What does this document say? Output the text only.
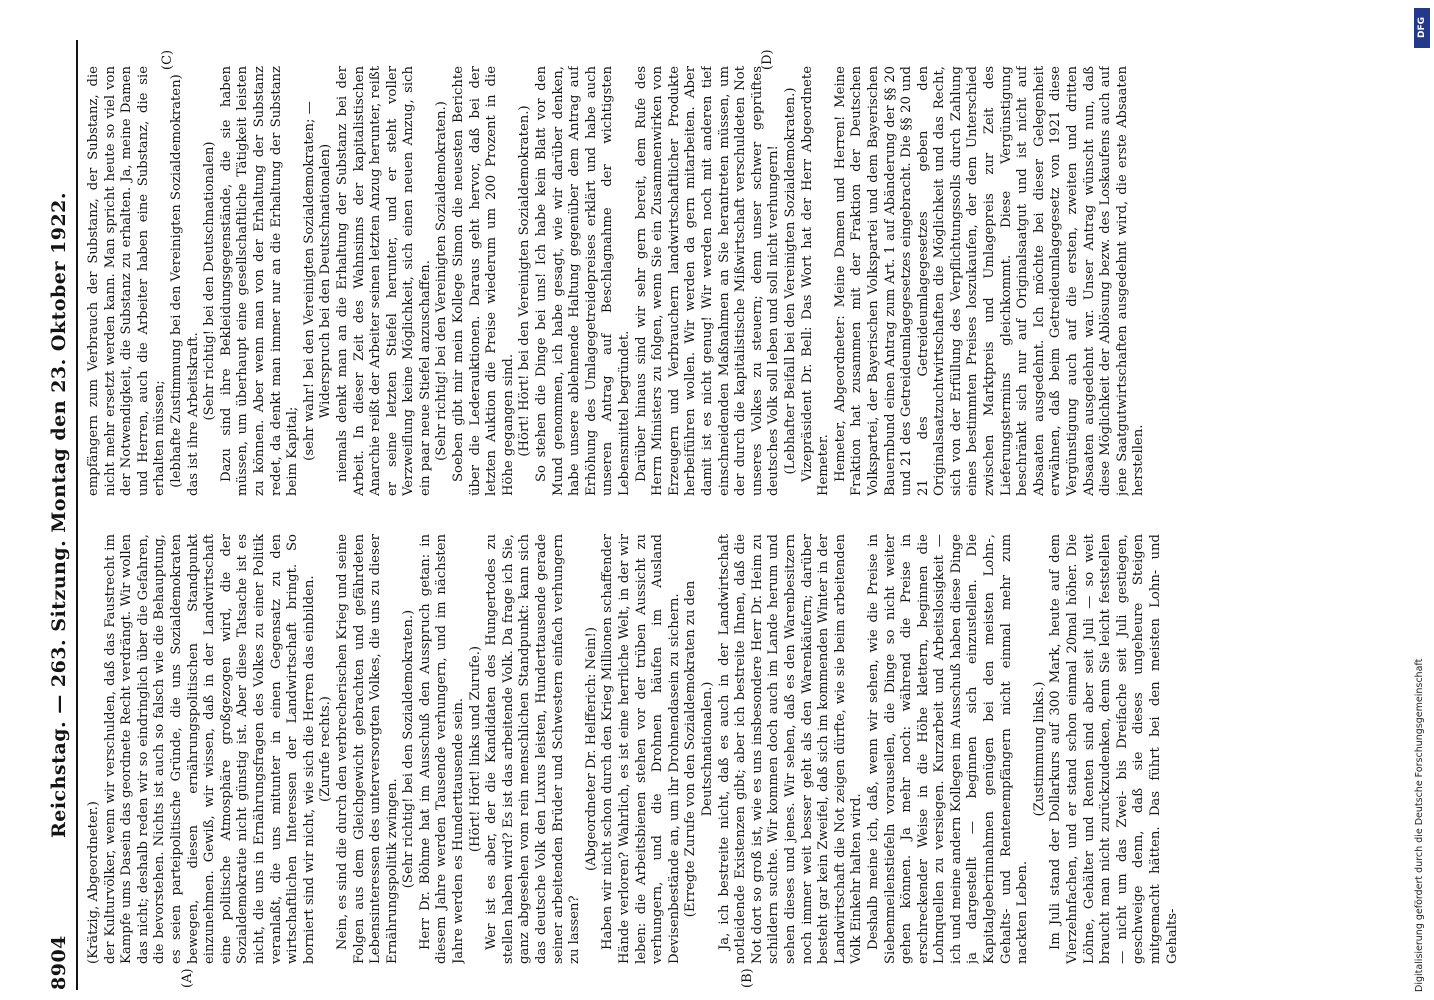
8904
Reichstag. — 263. Sitzung. Montag den 23. Oktober 1922.
(A)	(B)
(C)	(D)

(Krätzig, Abgeordneter.) der Kulturvölker, wenn wir verschulden, daß das Faustrecht im Kampfe ums Dasein das geordnete Recht verdrängt. Wir wollen das nicht; deshalb reden wir so eindringlich über die Gefahren, die bevorstehen. Nichts ist auch so falsch wie die Behauptung, es seien parteipolitische Gründe, die uns Sozialdemokraten bewegen, diesen ernährungspolitischen Standpunkt einzunehmen. Gewiß, wir wissen, daß in der Landwirtschaft eine politische Atmosphäre großgezogen wird, die der Sozialdemokratie nicht günstig ist. Aber diese Tatsache ist es nicht, die uns in Ernährungsfragen des Volkes zu einer Politik veranlaßt, die uns mitunter in einen Gegensatz zu den wirtschaftlichen Interessen der Landwirtschaft bringt. So borniert sind wir nicht, wie sich die Herren das einbilden. (Zurufe rechts.) Nein, es sind die durch den verbrecherischen Krieg und seine Folgen aus dem Gleichgewicht gebrachten und gefährdeten Lebensinteressen des unterversorgten Volkes, die uns zu dieser Ernährungspolitik zwingen. (Sehr richtig! bei den Sozialdemokraten.) Herr Dr. Böhme hat im Ausschuß den Ausspruch getan: in diesem Jahre werden Tausende verhungern, und im nächsten Jahre werden es Hunderttausende sein. (Hört! Hört! links und Zurufe.) Wer ist es aber, der die Kandidaten des Hungertodes zu stellen haben wird? Es ist das arbeitende Volk. Da frage ich Sie, ganz abgesehen vom rein menschlichen Standpunkt: kann sich das deutsche Volk den Luxus leisten, Hunderttausende gerade seiner arbeitenden Brüder und Schwestern einfach verhungern zu lassen?

(Abgeordneter Dr. Helfferich: Nein!) Haben wir nicht schon durch den Krieg Millionen schaffender Hände verloren? Wahrlich, es ist eine herrliche Welt, in der wir leben: die Arbeitsbienen stehen vor der trüben Aussicht zu verhungern, und die Drohnen häufen im Ausland Devisenbestände an, um ihr Drohnendasein zu sichern. (Erregte Zurufe von den Sozialdemokraten zu den Deutschnationalen.) Ja, ich bestreite nicht, daß es auch in der Landwirtschaft notleidende Existenzen gibt; aber ich bestreite Ihnen, daß die Not dort so groß ist, wie es uns insbesondere Herr Dr. Heim zu schildern suchte. Wir kommen doch auch im Lande herum und sehen dieses und jenes. Wir sehen, daß es den Warenbesitzern noch immer weit besser geht als den Warenkäufern; darüber besteht gar kein Zweifel, daß sich im kommenden Winter in der Landwirtschaft die Not zeigen dürfte, wie sie beim arbeitenden Volk Einkehr halten wird. Deshalb meine ich, daß, wenn wir sehen, wie die Preise in Siebenmeilenstiefeln vorauseilen, die Dinge so nicht weiter gehen können. Ja mehr noch: während die Preise in erschreckender Weise in die Höhe klettern, beginnen die Lohnquellen zu versiegen. Kurzarbeit und Arbeitslosigkeit — ich und meine andern Kollegen im Ausschuß haben diese Dinge ja dargestellt — beginnen sich einzustellen. Die Kapitalgeberinnahmen genügen bei den meisten Lohn-, Gehalts- und Rentenempfängern nicht einmal mehr zum nackten Leben.

(Zustimmung links.) Im Juli stand der Dollarkurs auf 300 Mark, heute auf dem Vierzehnfachen, und er stand schon einmal 20mal höher. Die Löhne, Gehälter und Renten sind aber seit Juli — so weit braucht man nicht zurückzudenken, denn Sie leicht feststellen — nicht um das Zwei- bis Dreifache seit Juli gestiegen, geschweige denn, daß sie dieses ungeheure Steigen mitgemacht hätten. Das führt bei den meisten Lohn- und Gehalts-

empfängern zum Verbrauch der Substanz, der Substanz, die nicht mehr ersetzt werden kann. Man spricht heute so viel von der Notwendigkeit, die Substanz zu erhalten. Ja, meine Damen und Herren, auch die Arbeiter haben eine Substanz, die sie erhalten müssen; (lebhafte Zustimmung bei den Vereinigten Sozialdemokraten) das ist ihre Arbeitskraft. (Sehr richtig! bei den Deutschnationalen) Dazu sind ihre Bekleidungsgegenstände, die sie haben müssen, um überhaupt eine gesellschaftliche Tätigkeit leisten zu können. Aber wenn man von der Erhaltung der Substanz redet, da denkt man immer nur an die Erhaltung der Substanz beim Kapital; (sehr wahr! bei den Vereinigten Sozialdemokraten; — Widerspruch bei den Deutschnationalen) niemals denkt man an die Erhaltung der Substanz bei der Arbeit. In dieser Zeit des Wahnsinns der kapitalistischen Anarchie reißt der Arbeiter seinen letzten Anzug herunter, reißt er seine letzten Stiefel herunter, und er steht voller Verzweiflung keine Möglichkeit, sich einen neuen Anzug, sich ein paar neue Stiefel anzuschaffen. (Sehr richtig! bei den Vereinigten Sozialdemokraten.) Soeben gibt mir mein Kollege Simon die neuesten Berichte über die Lederauktionen. Daraus geht hervor, daß bei der letzten Auktion die Preise wiederum um 200 Prozent in die Höhe gegangen sind. (Hört! Hört! bei den Vereinigten Sozialdemokraten.) So stehen die Dinge bei uns! Ich habe kein Blatt vor den Mund genommen, ich habe gesagt, wie wir darüber denken, habe unsere ablehnende Haltung gegenüber dem Antrag auf Erhöhung des Umlagegetreidepreises erklärt und habe auch unseren Antrag auf Beschlagnahme der wichtigsten Lebensmittel begründet. Darüber hinaus sind wir sehr gern bereit, dem Rufe des Herrn Ministers zu folgen, wenn Sie ein Zusammenwirken von Erzeugern und Verbrauchern landwirtschaftlicher Produkte herbeiführen wollen. Wir werden da gern mitarbeiten. Aber damit ist es nicht genug! Wir werden noch mit anderen tief einschneidenden Maßnahmen an Sie herantreten müssen, um der durch die kapitalistische Mißwirtschaft verschuldeten Not unseres Volkes zu steuern; denn unser schwer geprüftes deutsches Volk soll leben und soll nicht verhungern! (Lebhafter Beifall bei den Vereinigten Sozialdemokraten.) Vizepräsident Dr. Bell: Das Wort hat der Herr Abgeordnete Hemeter. Hemeter, Abgeordneter: Meine Damen und Herren! Meine Fraktion hat zusammen mit der Fraktion der Deutschen Volkspartei, der Bayerischen Volkspartei und dem Bayerischen Bauernbund einen Antrag zum Art. 1 auf Abänderung der §§ 20 und 21 des Getreideumlagegesetzes eingebracht. Die §§ 20 und 21 des Getreideumlagegesetzes geben den Originalsaatzuchtwirtschaften die Möglichkeit und das Recht, sich von der Erfüllung des Verpflichtungssolls durch Zahlung eines bestimmten Preises loszukaufen, der dem Unterschied zwischen Marktpreis und Umlagepreis zur Zeit des Lieferungstermins gleichkommt. Diese Vergünstigung beschränkt sich nur auf Originalsaatgut und ist nicht auf Absaaten ausgedehnt. Ich möchte bei dieser Gelegenheit erwähnen, daß beim Getreideumlagegesetz von 1921 diese Vergünstigung auch auf die ersten, zweiten und dritten Absaaten ausgedehnt war. Unser Antrag wünscht nun, daß diese Möglichkeit der Ablösung bezw. des Loskaufens auch auf jene Saatgutwirtschaften ausgedehnt wird, die erste Absaaten herstellen.

DFG
Digitalisierung gefördert durch die Deutsche Forschungsgemeinschaft
